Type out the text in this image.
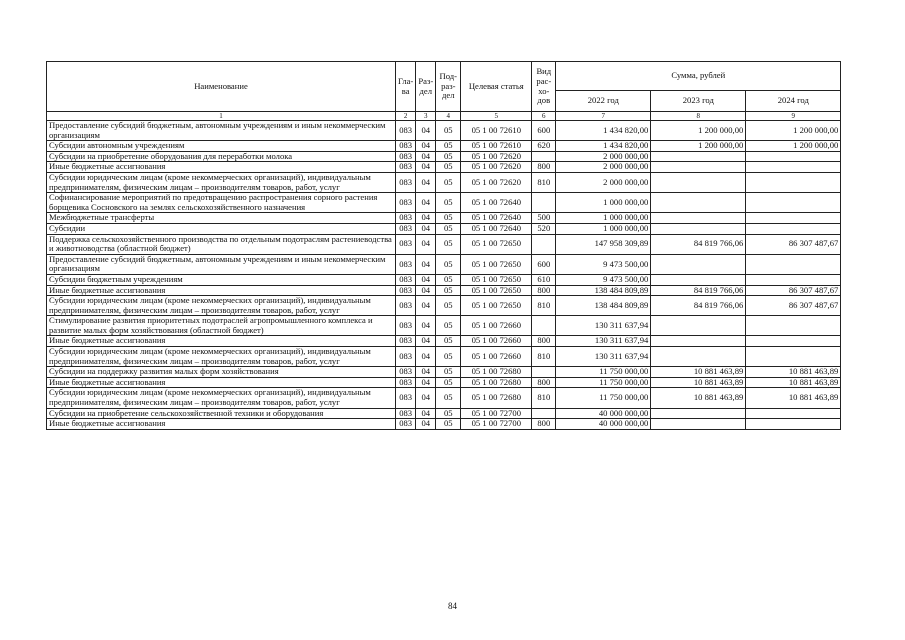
Наименование	Гла-ва	Раз-дел	Под-раз-дел	Целевая статья	Вид рас-хо-дов	Сумма, рублей		
						2022 год	2023 год	2024 год
1	2	3	4	5	6	7	8	9
Предоставление субсидий бюджетным, автономным учреждениям и иным некоммерческим организациям	083	04	05	05 1 00 72610	600	1 434 820,00	1 200 000,00	1 200 000,00
Субсидии автономным учреждениям	083	04	05	05 1 00 72610	620	1 434 820,00	1 200 000,00	1 200 000,00
Субсидии на приобретение оборудования для переработки молока	083	04	05	05 1 00 72620		2 000 000,00		
Иные бюджетные ассигнования	083	04	05	05 1 00 72620	800	2 000 000,00		
Субсидии юридическим лицам (кроме некоммерческих организаций), индивидуальным предпринимателям, физическим лицам – производителям товаров, работ, услуг	083	04	05	05 1 00 72620	810	2 000 000,00		
Софинансирование мероприятий по предотвращению распространения сорного растения борщевика Сосновского на землях сельскохозяйственного назначения	083	04	05	05 1 00 72640		1 000 000,00		
Межбюджетные трансферты	083	04	05	05 1 00 72640	500	1 000 000,00		
Субсидии	083	04	05	05 1 00 72640	520	1 000 000,00		
Поддержка сельскохозяйственного производства по отдельным подотраслям растениеводства и животноводства (областной бюджет)	083	04	05	05 1 00 72650		147 958 309,89	84 819 766,06	86 307 487,67
Предоставление субсидий бюджетным, автономным учреждениям и иным некоммерческим организациям	083	04	05	05 1 00 72650	600	9 473 500,00		
Субсидии бюджетным учреждениям	083	04	05	05 1 00 72650	610	9 473 500,00		
Иные бюджетные ассигнования	083	04	05	05 1 00 72650	800	138 484 809,89	84 819 766,06	86 307 487,67
Субсидии юридическим лицам (кроме некоммерческих организаций), индивидуальным предпринимателям, физическим лицам – производителям товаров, работ, услуг	083	04	05	05 1 00 72650	810	138 484 809,89	84 819 766,06	86 307 487,67
Стимулирование развития приоритетных подотраслей агропромышленного комплекса и развитие малых форм хозяйствования (областной бюджет)	083	04	05	05 1 00 72660		130 311 637,94		
Иные бюджетные ассигнования	083	04	05	05 1 00 72660	800	130 311 637,94		
Субсидии юридическим лицам (кроме некоммерческих организаций), индивидуальным предпринимателям, физическим лицам – производителям товаров, работ, услуг	083	04	05	05 1 00 72660	810	130 311 637,94		
Субсидии на поддержку развития малых форм хозяйствования	083	04	05	05 1 00 72680		11 750 000,00	10 881 463,89	10 881 463,89
Иные бюджетные ассигнования	083	04	05	05 1 00 72680	800	11 750 000,00	10 881 463,89	10 881 463,89
Субсидии юридическим лицам (кроме некоммерческих организаций), индивидуальным предпринимателям, физическим лицам – производителям товаров, работ, услуг	083	04	05	05 1 00 72680	810	11 750 000,00	10 881 463,89	10 881 463,89
Субсидии на приобретение сельскохозяйственной техники и оборудования	083	04	05	05 1 00 72700		40 000 000,00		
Иные бюджетные ассигнования	083	04	05	05 1 00 72700	800	40 000 000,00		
84
